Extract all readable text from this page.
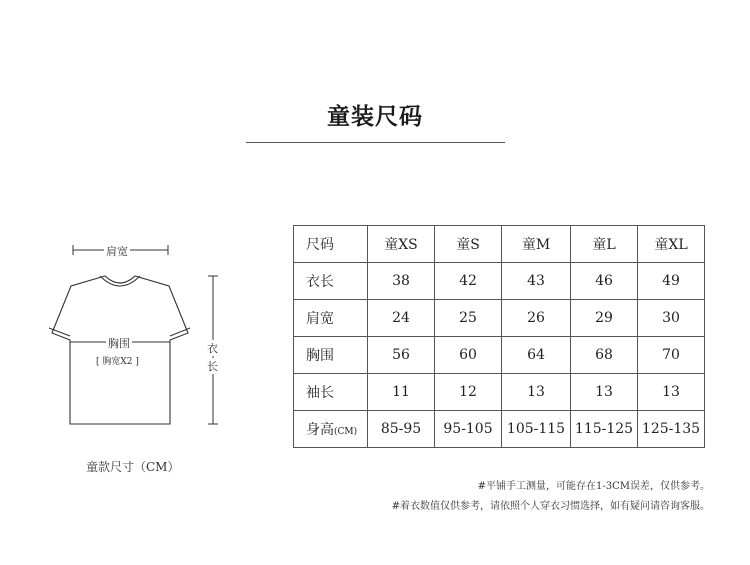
童装尺码
肩宽
胸围
[ 胸宽X2 ]
衣
长
童款尺寸（CM）
尺码	童XS	童S	童M	童L	童XL
衣长	38	42	43	46	49
肩宽	24	25	26	29	30
胸围	56	60	64	68	70
袖长	11	12	13	13	13
身高(CM)	85-95	95-105	105-115	115-125	125-135
#平铺手工测量，可能存在1-3CM误差，仅供参考。
#着衣数值仅供参考，请依照个人穿衣习惯选择，如有疑问请咨询客服。
